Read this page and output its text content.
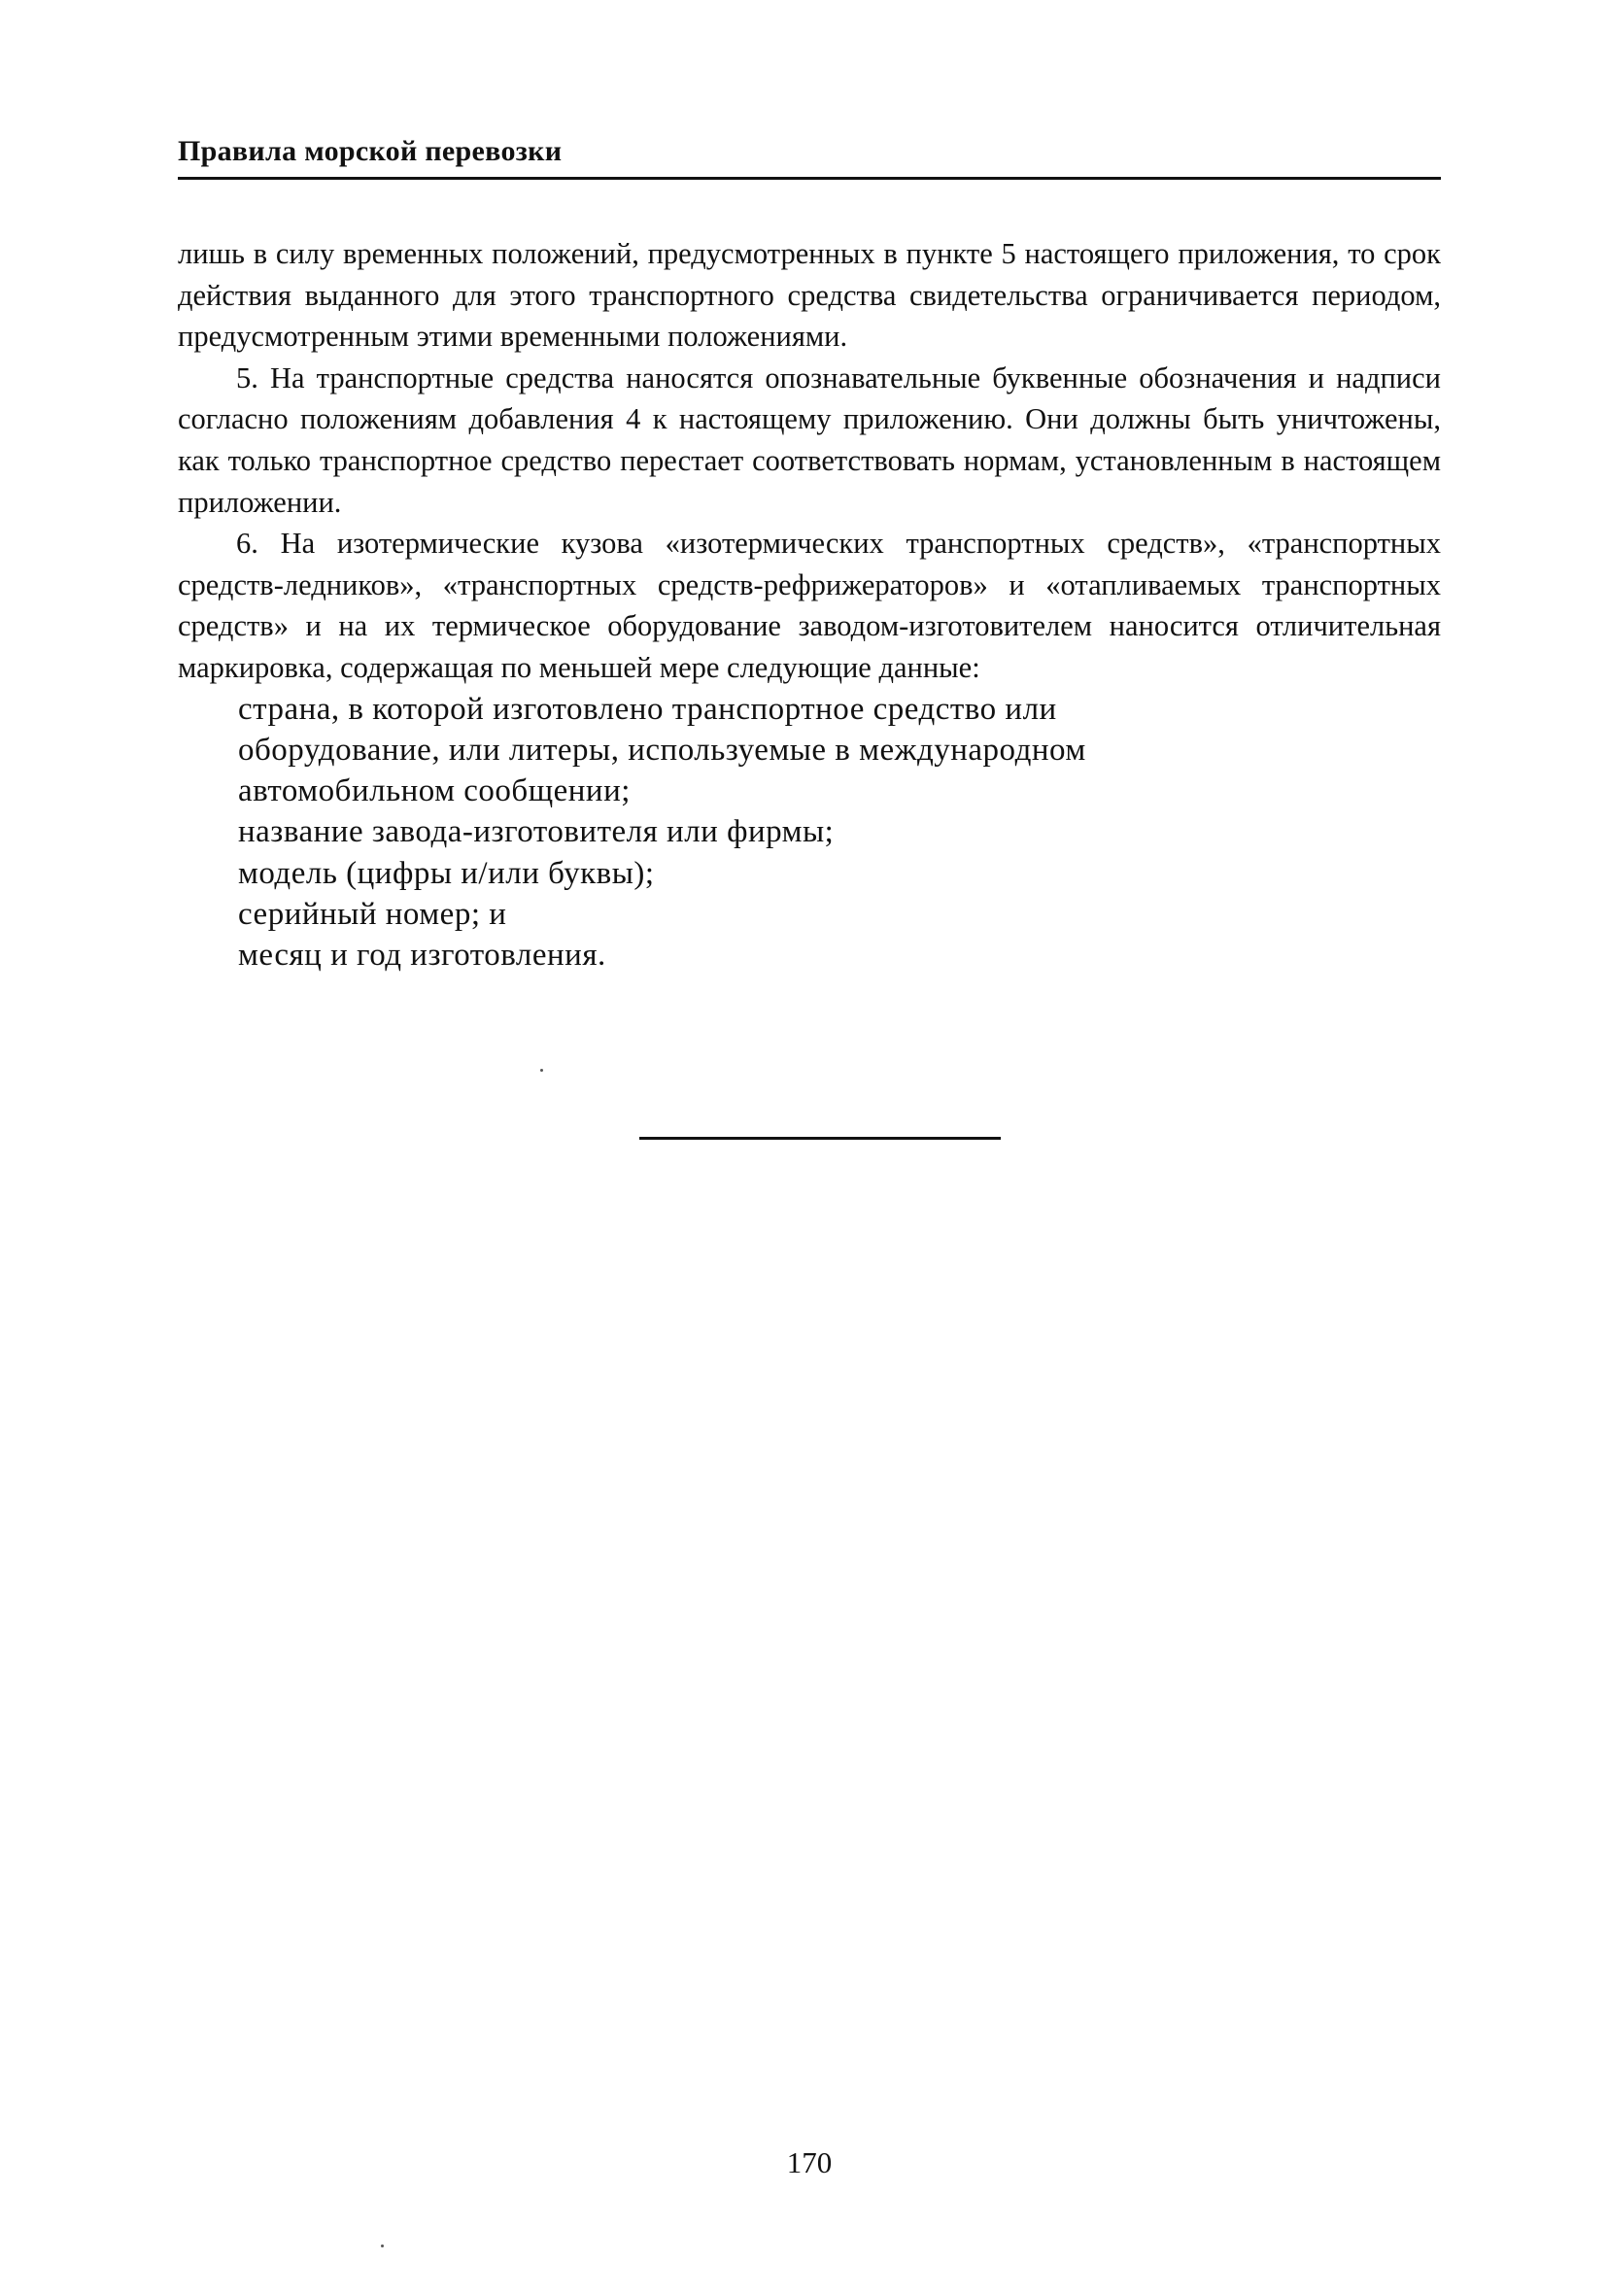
Правила морской перевозки

лишь в силу временных положений, предусмотренных в пункте 5 настоящего приложения, то срок действия выданного для этого транспортного средства свидетельства ограничивается периодом, предусмотренным этими временными положениями.

5. На транспортные средства наносятся опознавательные буквенные обозначения и надписи согласно положениям добавления 4 к настоящему приложению. Они должны быть уничтожены, как только транспортное средство перестает соответствовать нормам, установленным в настоящем приложении.

6. На изотермические кузова «изотермических транспортных средств», «транспортных средств-ледников», «транспортных средств-рефрижераторов» и «отапливаемых транспортных средств» и на их термическое оборудование заводом-изготовителем наносится отличительная маркировка, содержащая по меньшей мере следующие данные:

страна, в которой изготовлено транспортное средство или
оборудование, или литеры, используемые в международном
автомобильном сообщении;
название завода-изготовителя или фирмы;
модель (цифры и/или буквы);
серийный номер; и
месяц и год изготовления.
170
